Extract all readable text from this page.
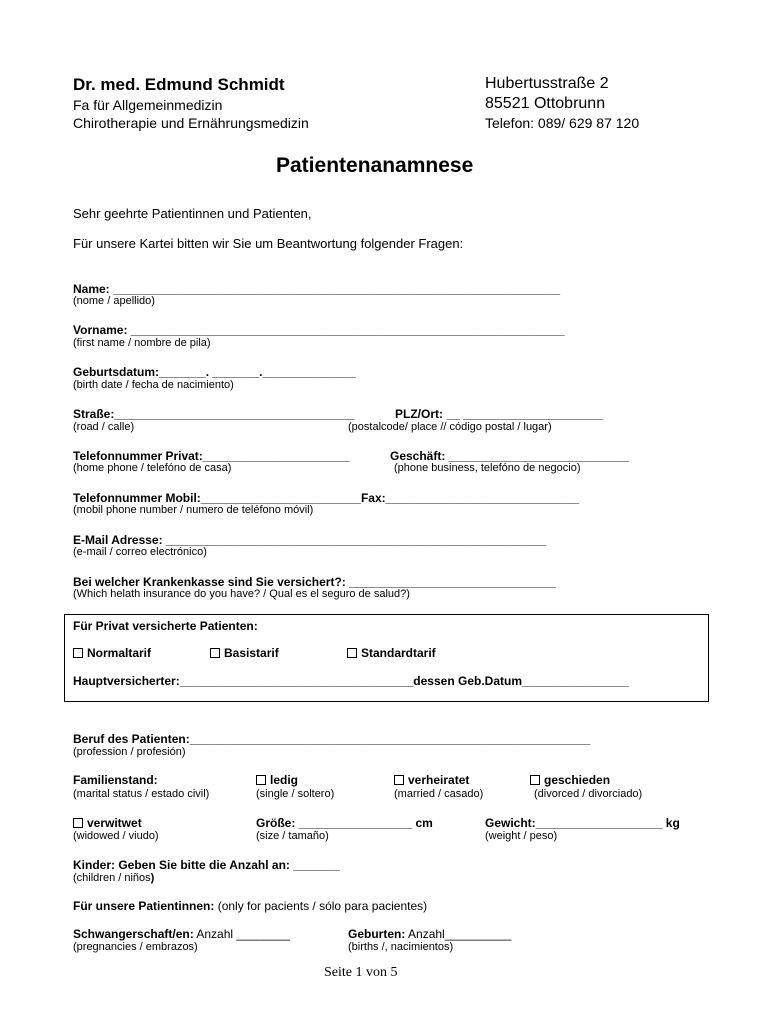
Dr. med. Edmund Schmidt
Fa für Allgemeinmedizin
Chirotherapie und Ernährungsmedizin
Hubertusstraße 2
85521 Ottobrunn
Telefon: 089/ 629 87 120
Patientenanamnese
Sehr geehrte Patientinnen und Patienten,
Für unsere Kartei bitten wir Sie um Beantwortung folgender Fragen:
Name: ___________________________________________________________________
(nome / apellido)
Vorname: _________________________________________________________________
(first name / nombre de pila)
Geburtsdatum:_______. _______.______________
(birth date / fecha de nacimiento)
Straße:____________________________________
(road / calle)
PLZ/Ort: __ _____________________
(postalcode/ place // código postal / lugar)
Telefonnummer Privat:______________________
(home phone / telefóno de casa)
Geschäft: ___________________________
(phone business, telefóno de negocio)
Telefonnummer Mobil:________________________Fax:_____________________________
(mobil phone number / numero de teléfono móvil)
E-Mail Adresse: _________________________________________________________
(e-mail / correo electrónico)
Bei welcher Krankenkasse sind Sie versichert?: _______________________________
(Which helath insurance do you have? / Qual es el seguro de salud?)
Für Privat versicherte Patienten:
Normaltarif	Basistarif	Standardtarif
Hauptversicherter:___________________________________dessen Geb.Datum________________
Beruf des Patienten:____________________________________________________________
(profession / profesión)
Familienstand:
(marital status / estado civil)
ledig
(single / soltero)
verheiratet
(married / casado)
geschieden
(divorced / divorciado)
verwitwet
(widowed / viudo)
Größe: _________________ cm
(size / tamaño)
Gewicht:___________________ kg
(weight / peso)
Kinder: Geben Sie bitte die Anzahl an: _______
(children / niños)
Für unsere Patientinnen: (only for pacients / sólo para pacientes)
Schwangerschaft/en: Anzahl ________
(pregnancies / embrazos)
Geburten: Anzahl__________
(births /, nacimientos)
Seite 1 von 5
